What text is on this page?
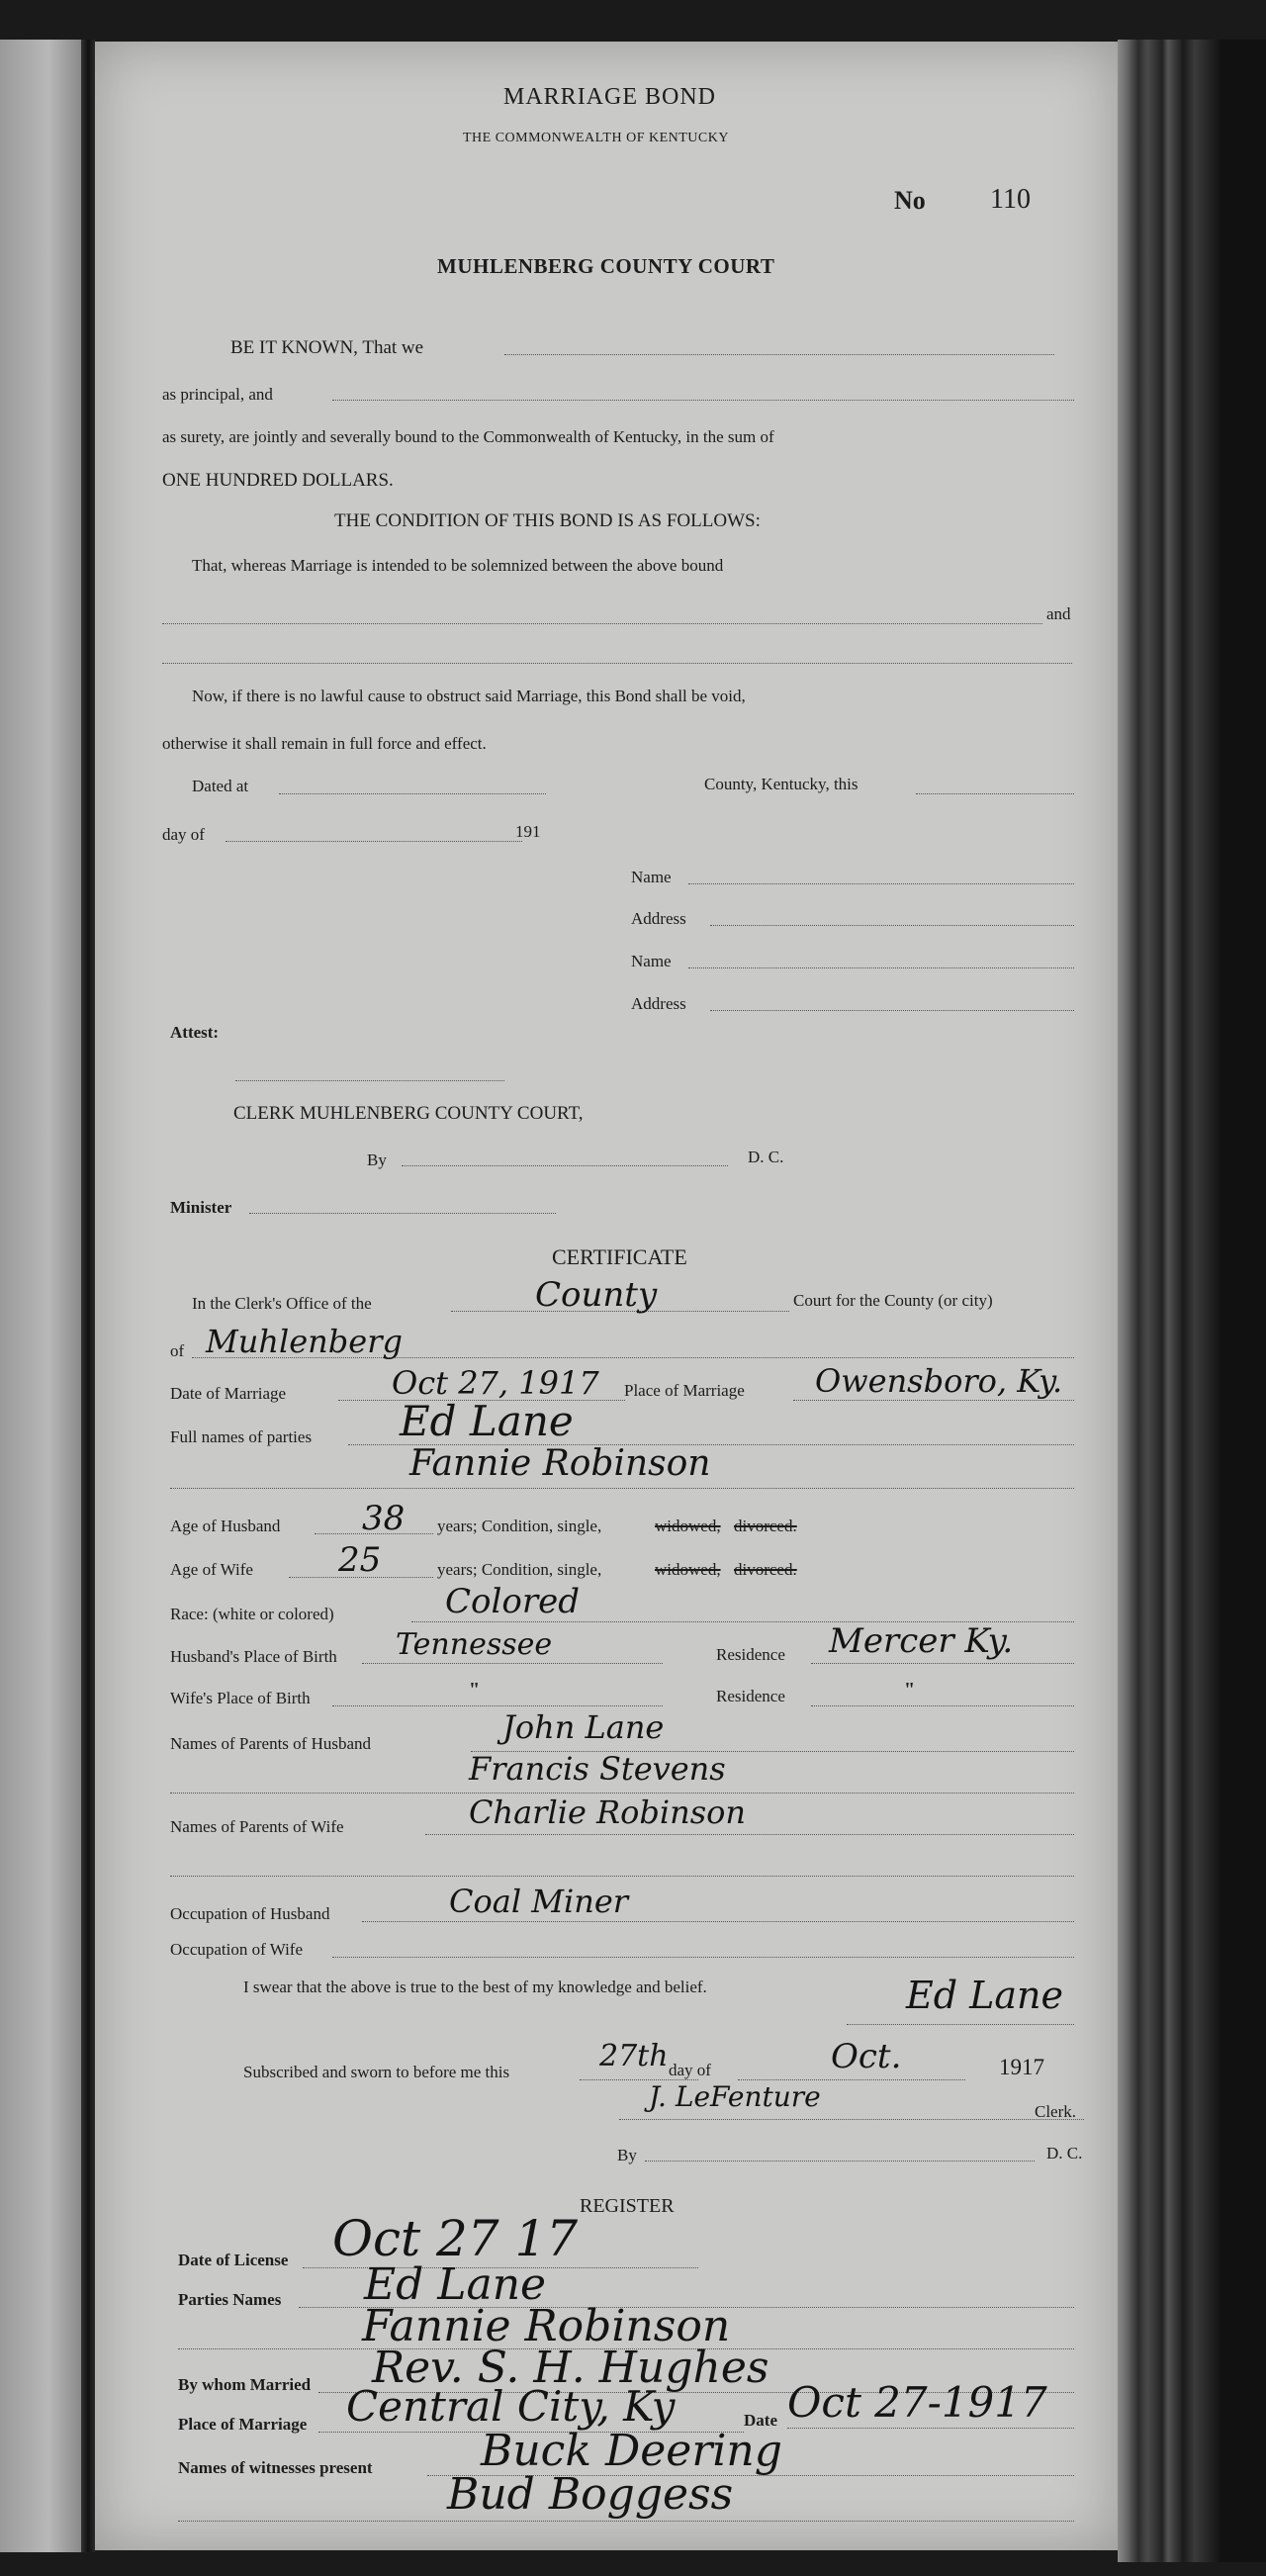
MARRIAGE BOND
THE COMMONWEALTH OF KENTUCKY
No 110
MUHLENBERG COUNTY COURT
BE IT KNOWN, That we
as principal, and
as surety, are jointly and severally bound to the Commonwealth of Kentucky, in the sum of
ONE HUNDRED DOLLARS.
THE CONDITION OF THIS BOND IS AS FOLLOWS:
That, whereas Marriage is intended to be solemnized between the above bound
and
Now, if there is no lawful cause to obstruct said Marriage, this Bond shall be void,
otherwise it shall remain in full force and effect.
Dated at	County, Kentucky, this
day of	191
Name
Address
Name
Address
Attest:
CLERK MUHLENBERG COUNTY COURT,
By	D. C.
Minister
CERTIFICATE
In the Clerk's Office of the	County	Court for the County (or city)
of Muhlenberg
Date of Marriage	Oct 27, 1917 Place of Marriage Owensboro, Ky.
Full names of parties Ed Lane
Fannie Robinson
Age of Husband 38 years; Condition, single,	widowed, divorced.
Age of Wife	25	years; Condition, single,	widowed, divorced.
Race: (white or colored)	Colored
Husband's Place of Birth Tennessee	Residence Mercer Ky.
Wife's Place of Birth	"	Residence	"
Names of Parents of Husband	John Lane
Francis Stevens
Names of Parents of Wife	Charlie Robinson
Occupation of Husband	Coal Miner
Occupation of Wife
I swear that the above is true to the best of my knowledge and belief.	Ed Lane
Subscribed and sworn to before me this	27th day of	Oct.	1917
J. LeFenture	Clerk.
By	D. C.
REGISTER
Date of License Oct 27 17
Parties Names Ed Lane
Fannie Robinson
By whom Married Rev. S. H. Hughes
Place of Marriage Central City, Ky	Date Oct 27-1917
Names of witnesses present Buck Deering
Bud Boggess
